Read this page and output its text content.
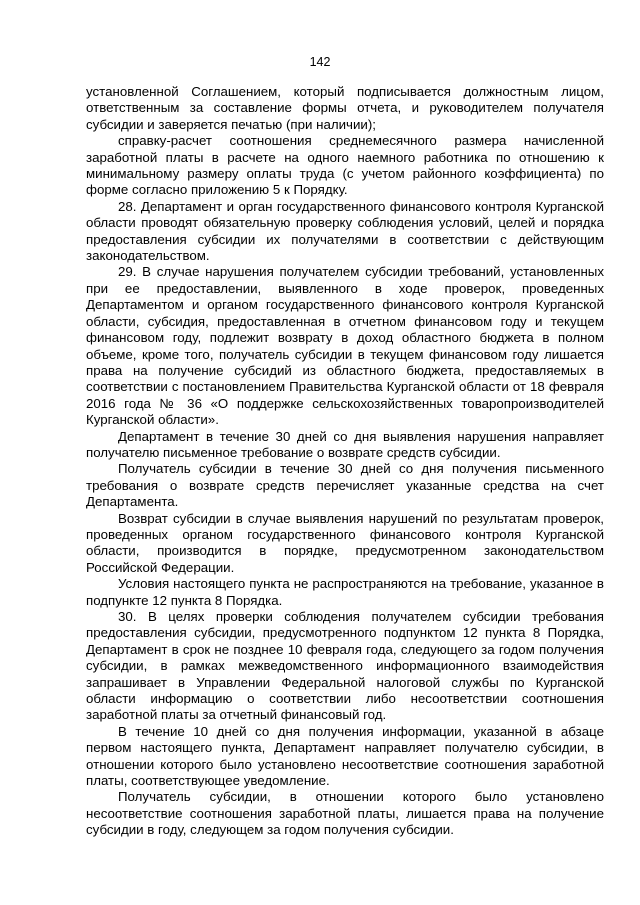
142

установленной Соглашением, который подписывается должностным лицом, ответственным за составление формы отчета, и руководителем получателя субсидии и заверяется печатью (при наличии);

справку-расчет соотношения среднемесячного размера начисленной заработной платы в расчете на одного наемного работника по отношению к минимальному размеру оплаты труда (с учетом районного коэффициента) по форме согласно приложению 5 к Порядку.

28. Департамент и орган государственного финансового контроля Курганской области проводят обязательную проверку соблюдения условий, целей и порядка предоставления субсидии их получателями в соответствии с действующим законодательством.

29. В случае нарушения получателем субсидии требований, установленных при ее предоставлении, выявленного в ходе проверок, проведенных Департаментом и органом государственного финансового контроля Курганской области, субсидия, предоставленная в отчетном финансовом году и текущем финансовом году, подлежит возврату в доход областного бюджета в полном объеме, кроме того, получатель субсидии в текущем финансовом году лишается права на получение субсидий из областного бюджета, предоставляемых в соответствии с постановлением Правительства Курганской области от 18 февраля 2016 года № 36 «О поддержке сельскохозяйственных товаропроизводителей Курганской области».

Департамент в течение 30 дней со дня выявления нарушения направляет получателю письменное требование о возврате средств субсидии.

Получатель субсидии в течение 30 дней со дня получения письменного требования о возврате средств перечисляет указанные средства на счет Департамента.

Возврат субсидии в случае выявления нарушений по результатам проверок, проведенных органом государственного финансового контроля Курганской области, производится в порядке, предусмотренном законодательством Российской Федерации.

Условия настоящего пункта не распространяются на требование, указанное в подпункте 12 пункта 8 Порядка.

30. В целях проверки соблюдения получателем субсидии требования предоставления субсидии, предусмотренного подпунктом 12 пункта 8 Порядка, Департамент в срок не позднее 10 февраля года, следующего за годом получения субсидии, в рамках межведомственного информационного взаимодействия запрашивает в Управлении Федеральной налоговой службы по Курганской области информацию о соответствии либо несоответствии соотношения заработной платы за отчетный финансовый год.

В течение 10 дней со дня получения информации, указанной в абзаце первом настоящего пункта, Департамент направляет получателю субсидии, в отношении которого было установлено несоответствие соотношения заработной платы, соответствующее уведомление.

Получатель субсидии, в отношении которого было установлено несоответствие соотношения заработной платы, лишается права на получение субсидии в году, следующем за годом получения субсидии.
